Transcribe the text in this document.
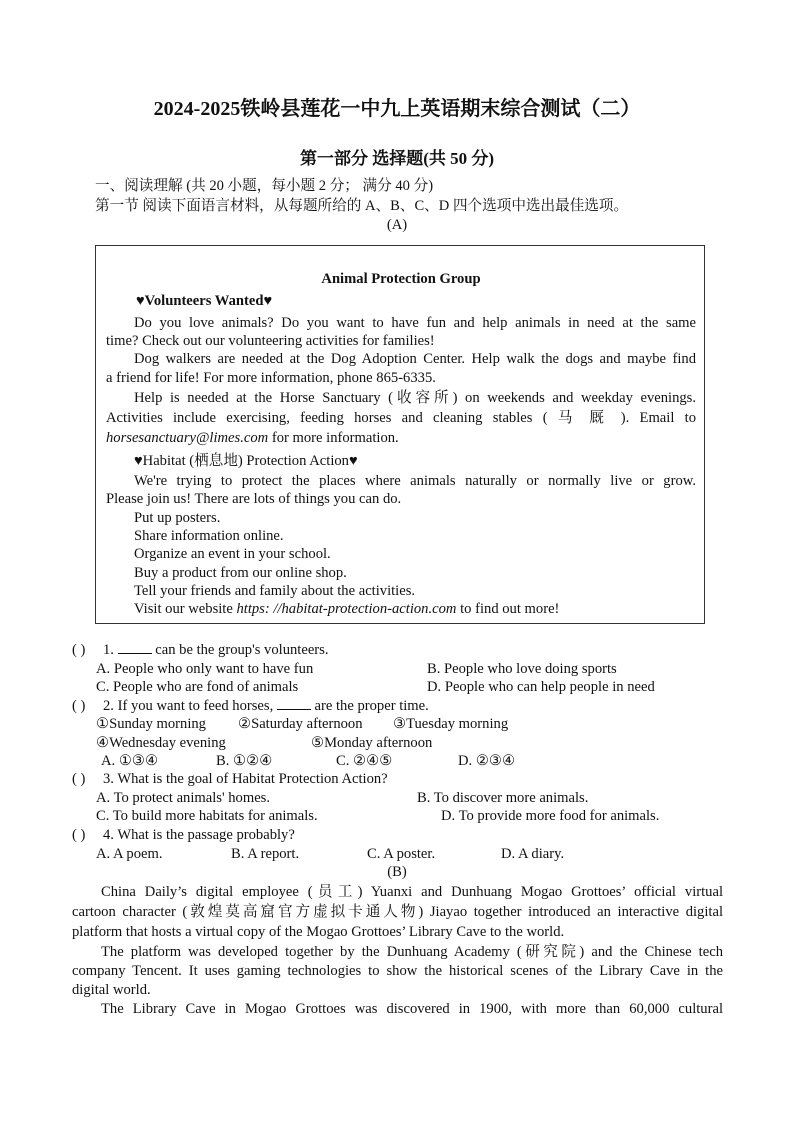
2024-2025铁岭县莲花一中九上英语期末综合测试（二）
第一部分 选择题(共 50 分)
一、阅读理解 (共 20 小题，每小题 2 分； 满分 40 分)
第一节 阅读下面语言材料，从每题所给的 A、B、C、D 四个选项中选出最佳选项。
(A)
Animal Protection Group
♥Volunteers Wanted♥
Do you love animals? Do you want to have fun and help animals in need at the same
time? Check out our volunteering activities for families!
Dog walkers are needed at the Dog Adoption Center. Help walk the dogs and maybe find
a friend for life! For more information, phone 865-6335.
Help is needed at the Horse Sanctuary (收容所) on weekends and weekday evenings.
Activities include exercising, feeding horses and cleaning stables ( 马 厩 ). Email to
horsesanctuary@limes.com for more information.
♥Habitat (栖息地) Protection Action♥
We're trying to protect the places where animals naturally or normally live or grow.
Please join us! There are lots of things you can do.
Put up posters.
Share information online.
Organize an event in your school.
Buy a product from our online shop.
Tell your friends and family about the activities.
Visit our website https: //habitat-protection-action.com to find out more!
( ) 1.  can be the group's volunteers.
A. People who only want to have fun	B. People who love doing sports
C. People who are fond of animals	D. People who can help people in need
( ) 2. If you want to feed horses,  are the proper time.
①Sunday morning ②Saturday afternoon ③Tuesday morning
④Wednesday evening	⑤Monday afternoon
A. ①③④	B. ①②④	C. ②④⑤	D. ②③④
( ) 3. What is the goal of Habitat Protection Action?
A. To protect animals' homes.	B. To discover more animals.
C. To build more habitats for animals.	D. To provide more food for animals.
( ) 4. What is the passage probably?
A. A poem.	B. A report.	C. A poster.	D. A diary.
(B)
China Daily’s digital employee (员工) Yuanxi and Dunhuang Mogao Grottoes’ official virtual
cartoon character (敦煌莫高窟官方虚拟卡通人物) Jiayao together introduced an interactive digital
platform that hosts a virtual copy of the Mogao Grottoes’ Library Cave to the world.
The platform was developed together by the Dunhuang Academy (研究院) and the Chinese tech
company Tencent. It uses gaming technologies to show the historical scenes of the Library Cave in the
digital world.
The Library Cave in Mogao Grottoes was discovered in 1900, with more than 60,000 cultural
